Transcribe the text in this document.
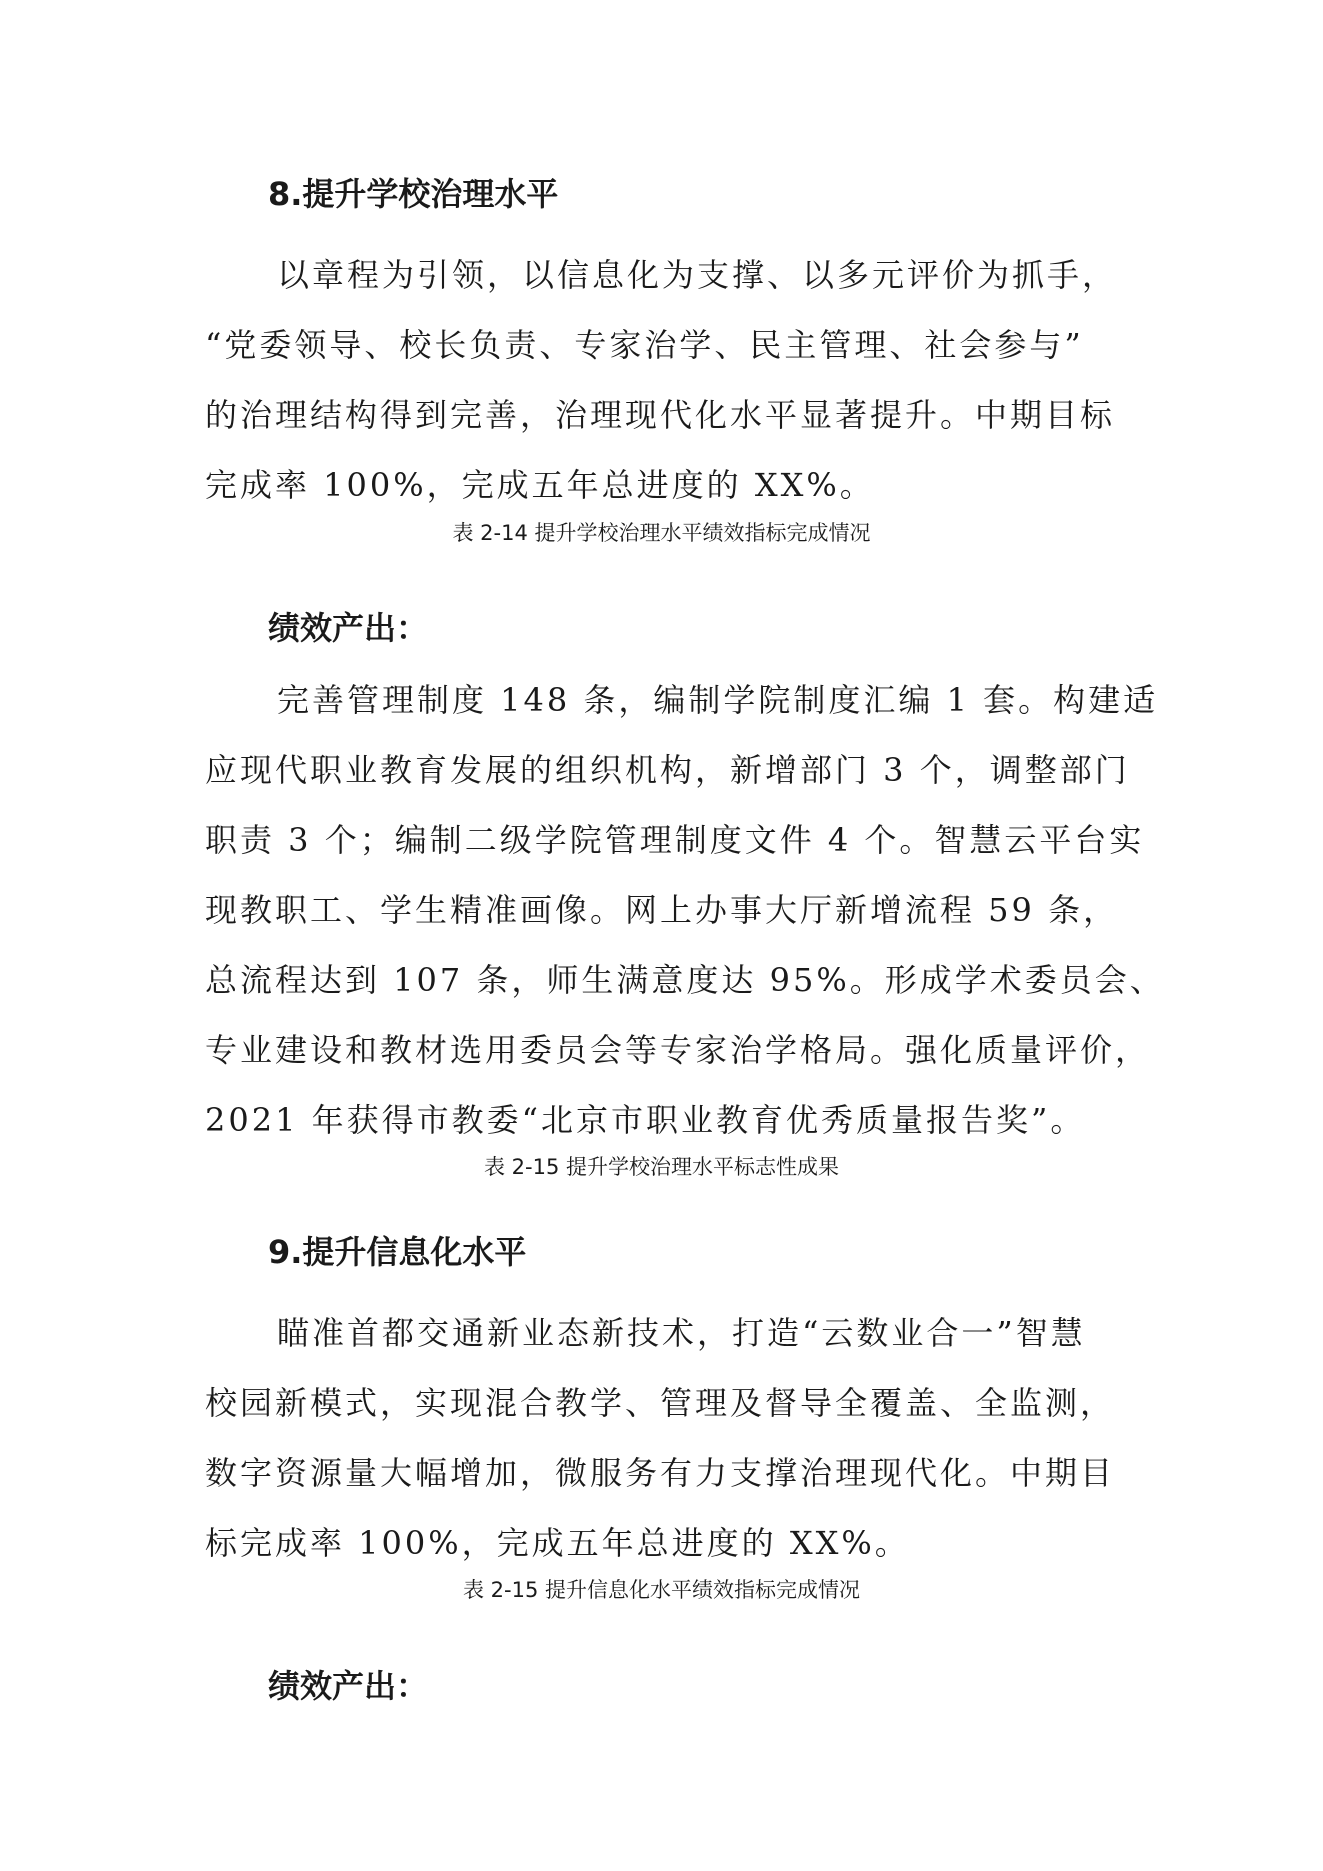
8.提升学校治理水平
以章程为引领，以信息化为支撑、以多元评价为抓手，
“党委领导、校长负责、专家治学、民主管理、社会参与”
的治理结构得到完善，治理现代化水平显著提升。中期目标
完成率 100%，完成五年总进度的 XX%。
表 2-14 提升学校治理水平绩效指标完成情况
绩效产出：
完善管理制度 148 条，编制学院制度汇编 1 套。构建适
应现代职业教育发展的组织机构，新增部门 3 个，调整部门
职责 3 个；编制二级学院管理制度文件 4 个。智慧云平台实
现教职工、学生精准画像。网上办事大厅新增流程 59 条，
总流程达到 107 条，师生满意度达 95%。形成学术委员会、
专业建设和教材选用委员会等专家治学格局。强化质量评价，
2021 年获得市教委“北京市职业教育优秀质量报告奖”。
表 2-15 提升学校治理水平标志性成果
9.提升信息化水平
瞄准首都交通新业态新技术，打造“云数业合一”智慧
校园新模式，实现混合教学、管理及督导全覆盖、全监测，
数字资源量大幅增加，微服务有力支撑治理现代化。中期目
标完成率 100%，完成五年总进度的 XX%。
表 2-15 提升信息化水平绩效指标完成情况
绩效产出：
